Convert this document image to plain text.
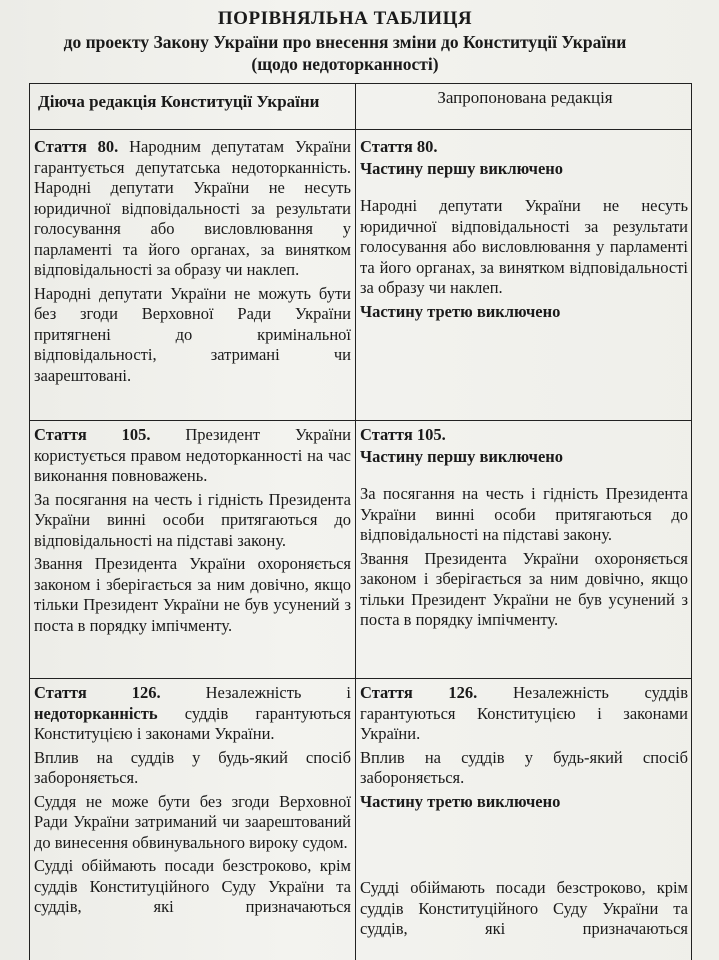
ПОРІВНЯЛЬНА ТАБЛИЦЯ
до проекту Закону України про внесення зміни до Конституції України
(щодо недоторканності)
Діюча редакція Конституції України	Запропонована редакція

Стаття 80. Народним депутатам України гарантується депутатська недоторканність.

Народні депутати України не несуть юридичної відповідальності за результати голосування або висловлювання у парламенті та його органах, за винятком відповідальності за образу чи наклеп.

Народні депутати України не можуть бути без згоди Верховної Ради України притягнені до кримінальної відповідальності, затримані чи заарештовані.

Стаття 80.

Частину першу виключено

Народні депутати України не несуть юридичної відповідальності за результати голосування або висловлювання у парламенті та його органах, за винятком відповідальності за образу чи наклеп.

Частину третю виключено

Стаття 105. Президент України користується правом недоторканності на час виконання повноважень.

За посягання на честь і гідність Президента України винні особи притягаються до відповідальності на підставі закону.

Звання Президента України охороняється законом і зберігається за ним довічно, якщо тільки Президент України не був усунений з поста в порядку імпічменту.

Стаття 105.

Частину першу виключено

За посягання на честь і гідність Президента України винні особи притягаються до відповідальності на підставі закону.

Звання Президента України охороняється законом і зберігається за ним довічно, якщо тільки Президент України не був усунений з поста в порядку імпічменту.

Стаття 126.	Незалежність і недоторканність суддів гарантуються Конституцією і законами України.

Вплив на суддів у будь-який спосіб забороняється.

Суддя не може бути без згоди Верховної Ради України затриманий чи заарештований до винесення обвинувального вироку судом.

Судді обіймають посади безстроково, крім суддів Конституційного Суду України та суддів, які призначаються

Стаття 126. Незалежність суддів гарантуються Конституцією і законами України.

Вплив на суддів у будь-який спосіб забороняється.

Частину третю виключено

Судді обіймають посади безстроково, крім суддів Конституційного Суду України та суддів, які призначаються
